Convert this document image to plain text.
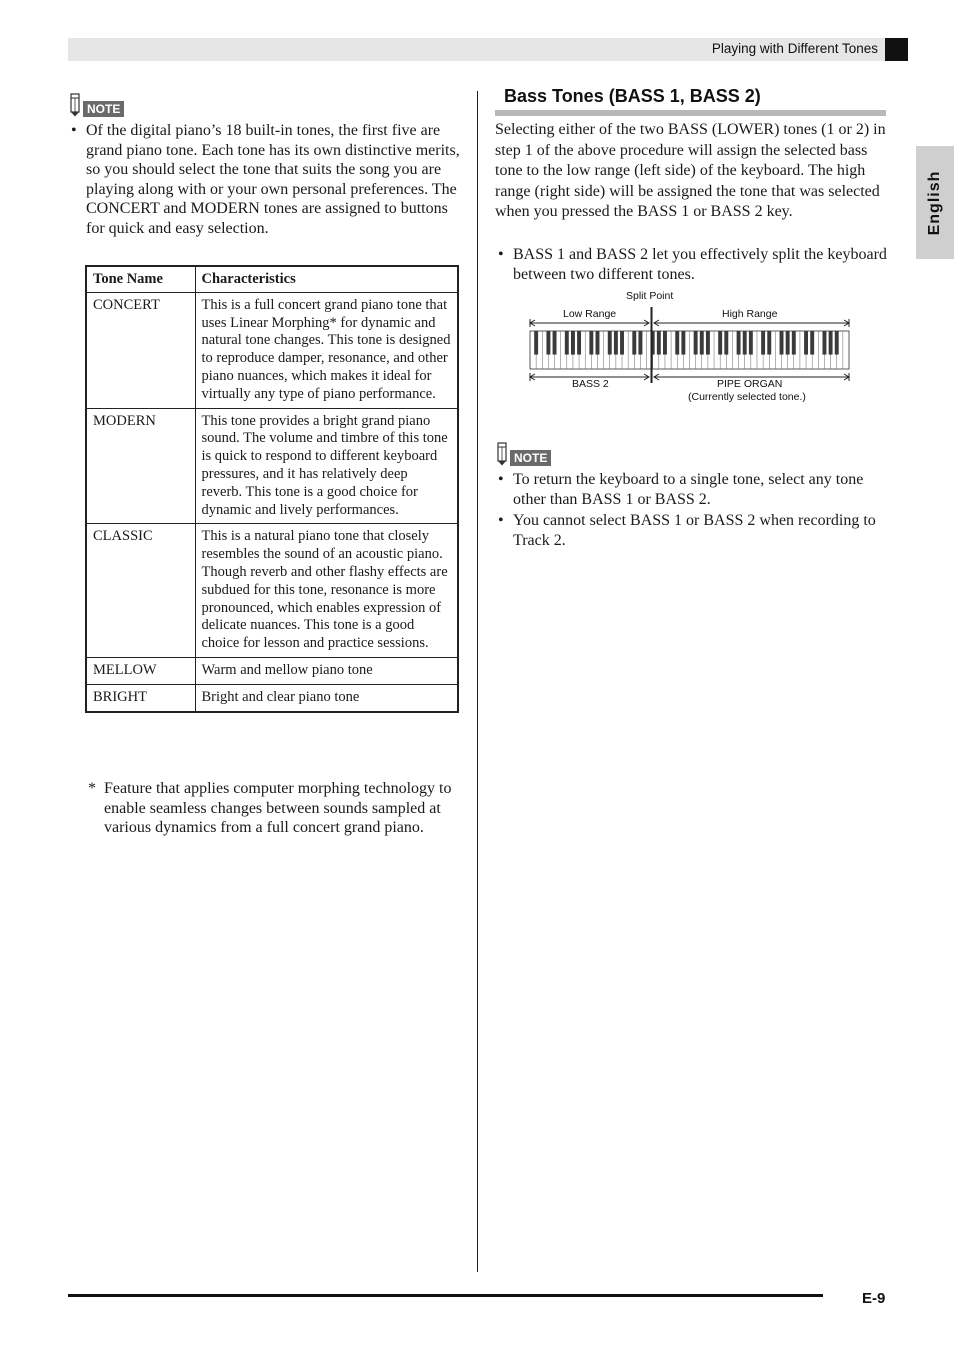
Playing with Different Tones
English
NOTE
• Of the digital piano’s 18 built-in tones, the first five are grand piano tone. Each tone has its own distinctive merits, so you should select the tone that suits the song you are playing along with or your own personal preferences. The CONCERT and MODERN tones are assigned to buttons for quick and easy selection.
Tone Name	Characteristics
CONCERT	This is a full concert grand piano tone that uses Linear Morphing* for dynamic and natural tone changes. This tone is designed to reproduce damper, resonance, and other piano nuances, which makes it ideal for virtually any type of piano performance.
MODERN	This tone provides a bright grand piano sound. The volume and timbre of this tone is quick to respond to different keyboard pressures, and it has relatively deep reverb. This tone is a good choice for dynamic and lively performances.
CLASSIC	This is a natural piano tone that closely resembles the sound of an acoustic piano. Though reverb and other flashy effects are subdued for this tone, resonance is more pronounced, which enables expression of delicate nuances. This tone is a good choice for lesson and practice sessions.
MELLOW	Warm and mellow piano tone
BRIGHT	Bright and clear piano tone
* Feature that applies computer morphing technology to enable seamless changes between sounds sampled at various dynamics from a full concert grand piano.
Bass Tones (BASS 1, BASS 2)

Selecting either of the two BASS (LOWER) tones (1 or 2) in step 1 of the above procedure will assign the selected bass tone to the low range (left side) of the keyboard. The high range (right side) will be assigned the tone that was selected when you pressed the BASS 1 or BASS 2 key.

• BASS 1 and BASS 2 let you effectively split the keyboard between two different tones.
Split Point
Low Range	High Range
BASS 2	PIPE ORGAN
(Currently selected tone.)
NOTE
• To return the keyboard to a single tone, select any tone other than BASS 1 or BASS 2.
• You cannot select BASS 1 or BASS 2 when recording to Track 2.
E-9
